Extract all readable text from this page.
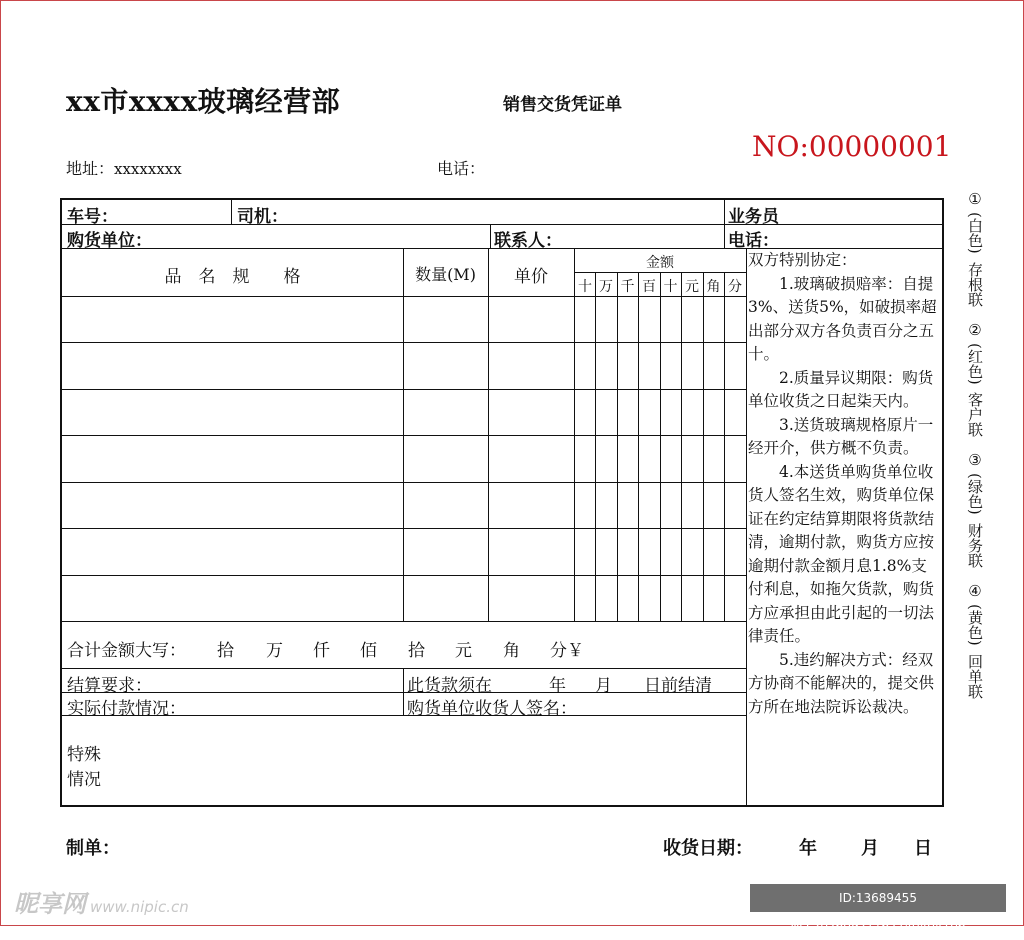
xx市xxxx玻璃经营部	销售交货凭证单
NO:00000001
地址：xxxxxxxx	电话：
车号：	司机：	业务员
购货单位：	联系人：	电话：
品　名　规　　格	数量(M)	单价
金额
十 万 千 百 十 元 角 分
合计金额大写： 拾 万 仟 佰 拾 元 角 分￥
结算要求：	此货款须在	年 月 日前结清
实际付款情况：	购货单位收货人签名：
特殊
情况
双方特别协定：
1.玻璃破损赔率：自提3%、送货5%，如破损率超出部分双方各负责百分之五十。
2.质量异议期限：购货单位收货之日起柒天内。
3.送货玻璃规格原片一经开介，供方概不负责。
4.本送货单购货单位收货人签名生效，购货单位保证在约定结算期限将货款结清，逾期付款，购货方应按逾期付款金额月息1.8%支付利息，如拖欠货款，购货方应承担由此引起的一切法律责任。
5.违约解决方式：经双方协商不能解决的，提交供方所在地法院诉讼裁决。
①
(白色)
存根联
②
(红色)
客户联
③
(绿色)
财务联
④
(黄色)
回单联
制单：	收货日期：	年 月 日
昵享网 www.nipic.cn	ID:13689455 NO:20260921162740404106
